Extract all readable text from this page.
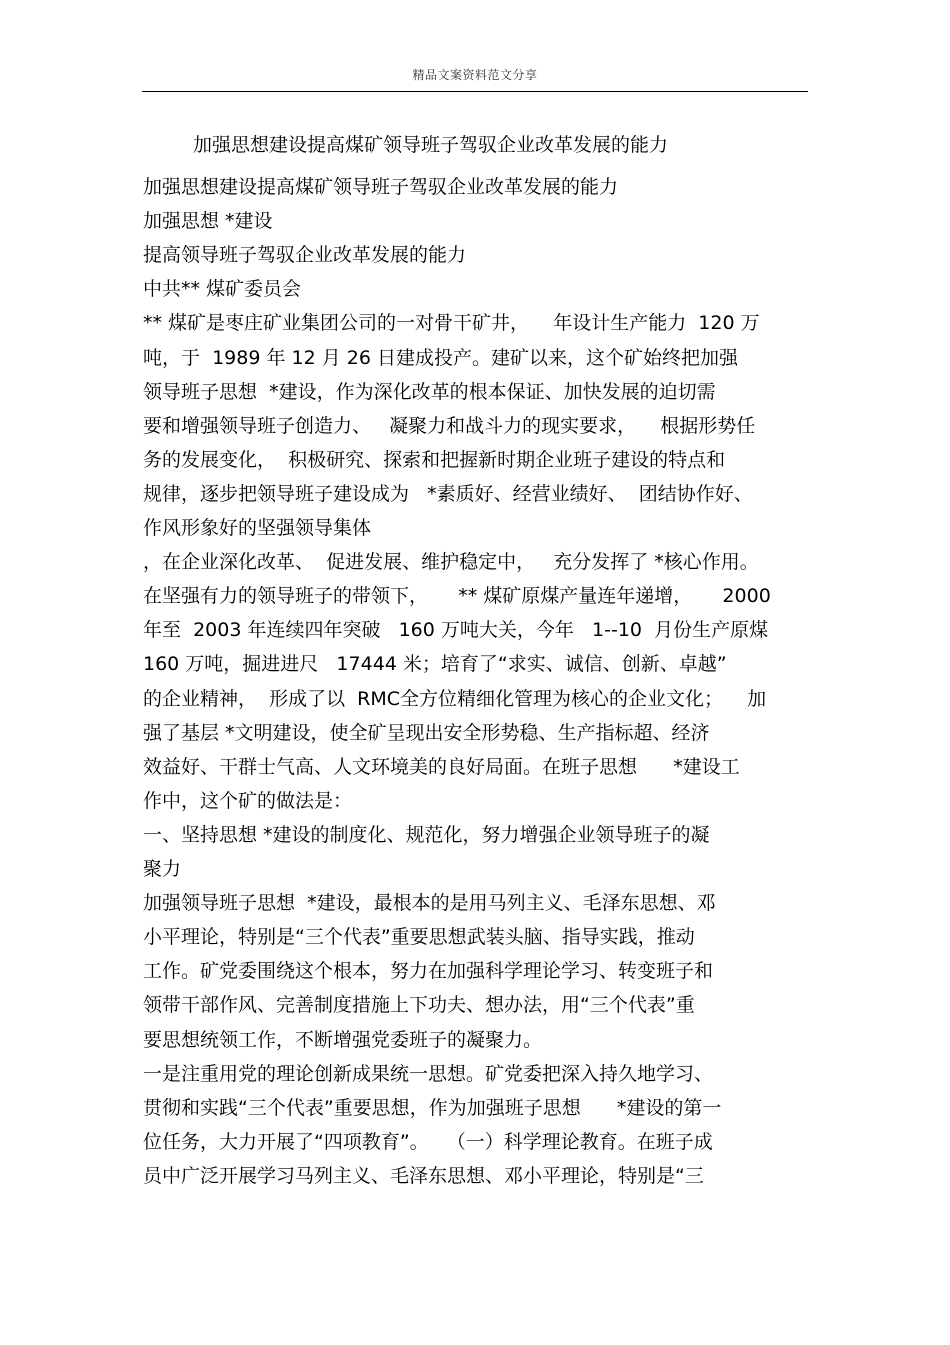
精品文案资料范文分享
加强思想建设提高煤矿领导班子驾驭企业改革发展的能力
加强思想建设提高煤矿领导班子驾驭企业改革发展的能力
加强思想 *建设
提高领导班子驾驭企业改革发展的能力
中共** 煤矿委员会
** 煤矿是枣庄矿业集团公司的一对骨干矿井，    年设计生产能力  120 万
吨，于  1989 年 12 月 26 日建成投产。建矿以来，这个矿始终把加强
领导班子思想  *建设，作为深化改革的根本保证、加快发展的迫切需
要和增强领导班子创造力、   凝聚力和战斗力的现实要求，    根据形势任
务的发展变化，  积极研究、探索和把握新时期企业班子建设的特点和
规律，逐步把领导班子建设成为   *素质好、经营业绩好、  团结协作好、
作风形象好的坚强领导集体
，在企业深化改革、  促进发展、维护稳定中，   充分发挥了 *核心作用。
在坚强有力的领导班子的带领下，     ** 煤矿原煤产量连年递增，     2000
年至  2003 年连续四年突破   160 万吨大关，今年   1--10  月份生产原煤
160 万吨，掘进进尺   17444 米；培育了“求实、诚信、创新、卓越”
的企业精神，  形成了以  RMC全方位精细化管理为核心的企业文化；    加
强了基层 *文明建设，使全矿呈现出安全形势稳、生产指标超、经济
效益好、干群士气高、人文环境美的良好局面。在班子思想      *建设工
作中，这个矿的做法是：
一、坚持思想 *建设的制度化、规范化，努力增强企业领导班子的凝
聚力
加强领导班子思想  *建设，最根本的是用马列主义、毛泽东思想、邓
小平理论，特别是“三个代表”重要思想武装头脑、指导实践，推动
工作。矿党委围绕这个根本，努力在加强科学理论学习、转变班子和
领带干部作风、完善制度措施上下功夫、想办法，用“三个代表”重
要思想统领工作，不断增强党委班子的凝聚力。
一是注重用党的理论创新成果统一思想。矿党委把深入持久地学习、
贯彻和实践“三个代表”重要思想，作为加强班子思想      *建设的第一
位任务，大力开展了“四项教育”。   （一）科学理论教育。在班子成
员中广泛开展学习马列主义、毛泽东思想、邓小平理论，特别是“三
